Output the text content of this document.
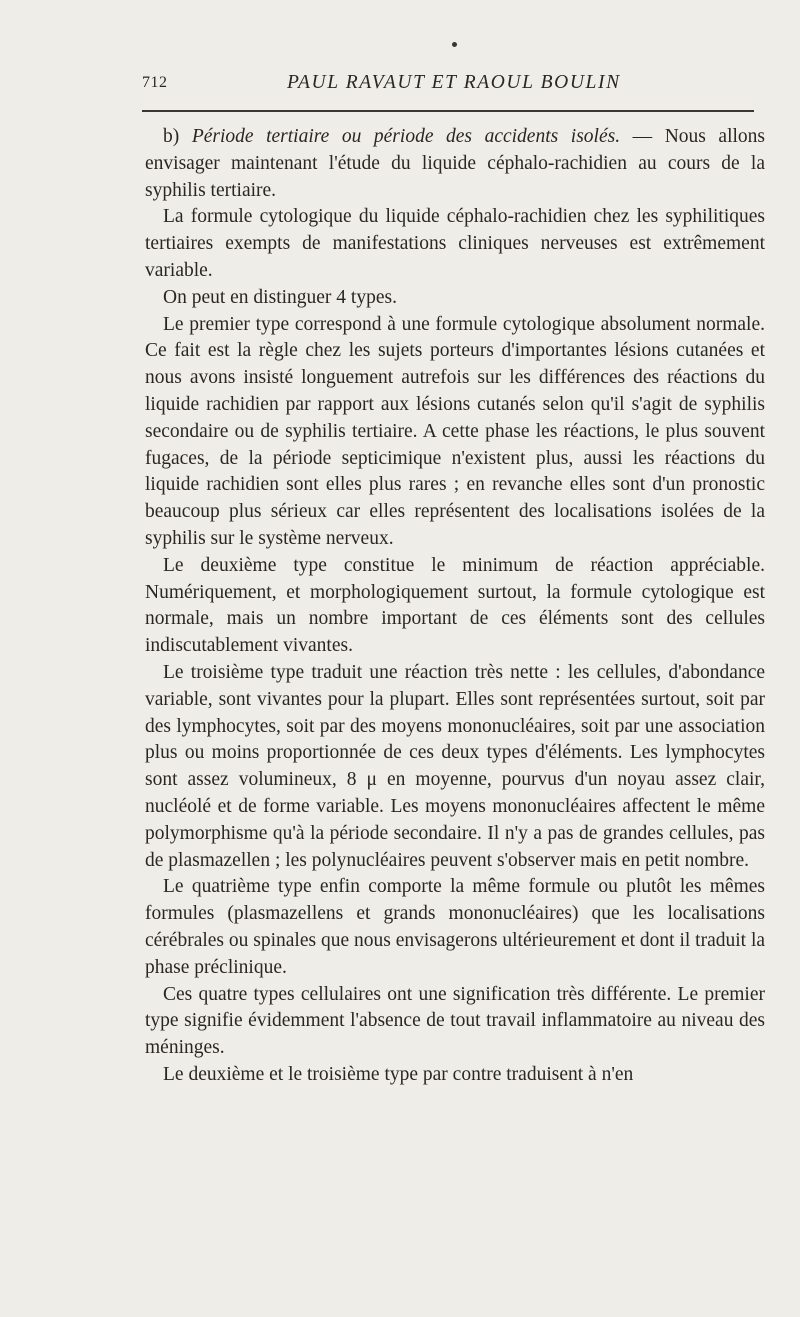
712	PAUL RAVAUT ET RAOUL BOULIN

b) Période tertiaire ou période des accidents isolés. — Nous allons envisager maintenant l'étude du liquide céphalo-rachidien au cours de la syphilis tertiaire.

La formule cytologique du liquide céphalo-rachidien chez les syphilitiques tertiaires exempts de manifestations cliniques nerveuses est extrêmement variable.

On peut en distinguer 4 types.

Le premier type correspond à une formule cytologique absolument normale. Ce fait est la règle chez les sujets porteurs d'importantes lésions cutanées et nous avons insisté longuement autrefois sur les différences des réactions du liquide rachidien par rapport aux lésions cutanés selon qu'il s'agit de syphilis secondaire ou de syphilis tertiaire. A cette phase les réactions, le plus souvent fugaces, de la période septicimique n'existent plus, aussi les réactions du liquide rachidien sont elles plus rares ; en revanche elles sont d'un pronostic beaucoup plus sérieux car elles représentent des localisations isolées de la syphilis sur le système nerveux.

Le deuxième type constitue le minimum de réaction appréciable. Numériquement, et morphologiquement surtout, la formule cytologique est normale, mais un nombre important de ces éléments sont des cellules indiscutablement vivantes.

Le troisième type traduit une réaction très nette : les cellules, d'abondance variable, sont vivantes pour la plupart. Elles sont représentées surtout, soit par des lymphocytes, soit par des moyens mononucléaires, soit par une association plus ou moins proportionnée de ces deux types d'éléments. Les lymphocytes sont assez volumineux, 8 μ en moyenne, pourvus d'un noyau assez clair, nucléolé et de forme variable. Les moyens mononucléaires affectent le même polymorphisme qu'à la période secondaire. Il n'y a pas de grandes cellules, pas de plasmazellen ; les polynucléaires peuvent s'observer mais en petit nombre.

Le quatrième type enfin comporte la même formule ou plutôt les mêmes formules (plasmazellens et grands mononucléaires) que les localisations cérébrales ou spinales que nous envisagerons ultérieurement et dont il traduit la phase préclinique.

Ces quatre types cellulaires ont une signification très différente. Le premier type signifie évidemment l'absence de tout travail inflammatoire au niveau des méninges.

Le deuxième et le troisième type par contre traduisent à n'en
